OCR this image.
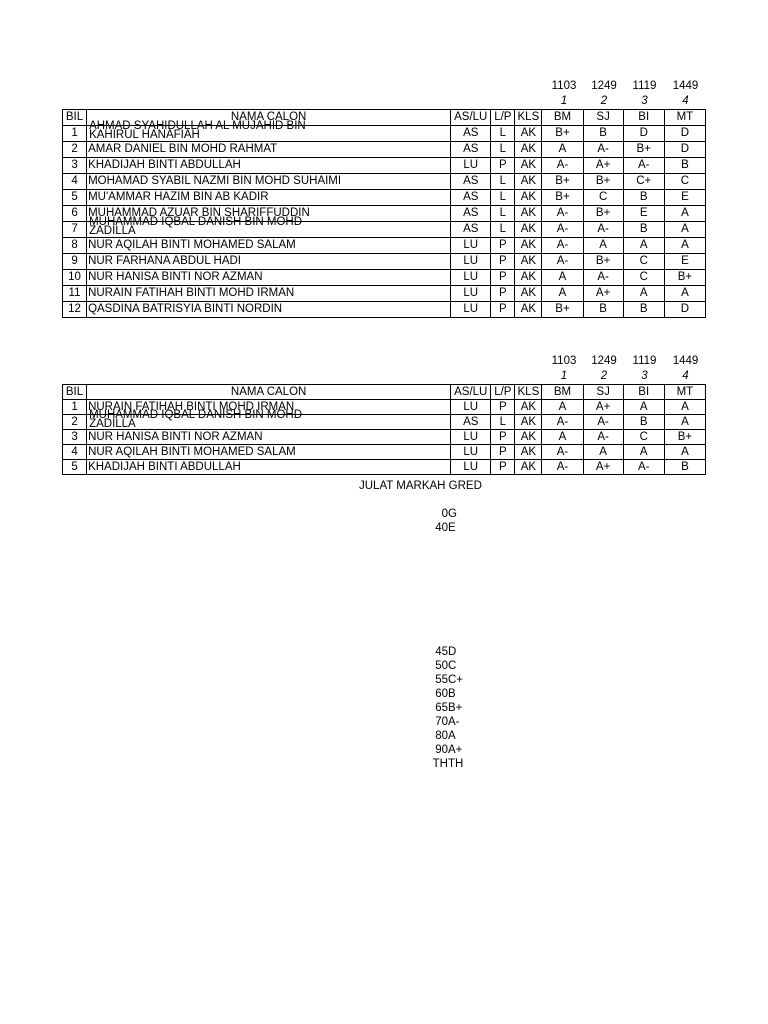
1103	1249	1119	1449
1	2	3	4
BIL	NAMA CALON	AS/LU	L/P	KLS	BM	SJ	BI	MT
1	AHMAD SYAHIDULLAH AL MUJAHID BIN KAHIRUL HANAFIAH	AS	L	AK	B+	B	D	D
2	AMAR DANIEL BIN MOHD RAHMAT	AS	L	AK	A	A-	B+	D
3	KHADIJAH BINTI ABDULLAH	LU	P	AK	A-	A+	A-	B
4	MOHAMAD SYABIL NAZMI BIN MOHD SUHAIMI	AS	L	AK	B+	B+	C+	C
5	MU'AMMAR HAZIM BIN AB KADIR	AS	L	AK	B+	C	B	E
6	MUHAMMAD AZUAR BIN SHARIFFUDDIN	AS	L	AK	A-	B+	E	A
7	MUHAMMAD IQBAL DANISH BIN MOHD ZADILLA	AS	L	AK	A-	A-	B	A
8	NUR AQILAH BINTI MOHAMED SALAM	LU	P	AK	A-	A	A	A
9	NUR FARHANA ABDUL HADI	LU	P	AK	A-	B+	C	E
10	NUR HANISA BINTI NOR AZMAN	LU	P	AK	A	A-	C	B+
11	NURAIN FATIHAH BINTI MOHD IRMAN	LU	P	AK	A	A+	A	A
12	QASDINA BATRISYIA BINTI NORDIN	LU	P	AK	B+	B	B	D
1103	1249	1119	1449
1	2	3	4
BIL	NAMA CALON	AS/LU	L/P	KLS	BM	SJ	BI	MT
1	NURAIN FATIHAH BINTI MOHD IRMAN	LU	P	AK	A	A+	A	A
2	MUHAMMAD IQBAL DANISH BIN MOHD ZADILLA	AS	L	AK	A-	A-	B	A
3	NUR HANISA BINTI NOR AZMAN	LU	P	AK	A	A-	C	B+
4	NUR AQILAH BINTI MOHAMED SALAM	LU	P	AK	A-	A	A	A
5	KHADIJAH BINTI ABDULLAH	LU	P	AK	A-	A+	A-	B
JULAT MARKAH GRED
0 G
40 E
45 D
50 C
55 C+
60 B
65 B+
70 A-
80 A
90 A+
TH TH
